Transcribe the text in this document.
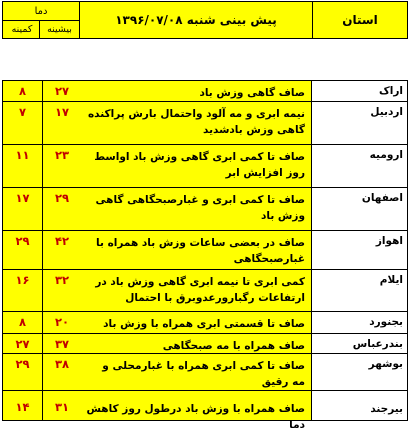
استان
پیش بینی شنبه ۱۳۹۶/۰۷/۰۸
دما
بیشینه
کمینه
اراک
صاف گاهی وزش باد
۲۷
۸
اردبیل
نیمه ابری و مه آلود واحتمال بارش پراکنده گاهی وزش بادشدید
۱۷
۷
ارومیه
صاف تا کمی ابری گاهی وزش باد اواسط روز افزایش ابر
۲۳
۱۱
اصفهان
صاف تا کمی ابری و غبارصبحگاهی گاهی وزش باد
۲۹
۱۷
اهواز
صاف در بعضی ساعات وزش باد همراه با غبارصبحگاهی
۴۲
۲۹
ایلام
کمی ابری تا نیمه ابری گاهی وزش باد در ارتفاعات رگبارورعدوبرق با احتمال
۳۲
۱۶
بجنورد
صاف تا قسمتی ابری همراه با وزش باد
۲۰
۸
بندرعباس
صاف همراه با مه صبحگاهی
۳۷
۲۷
بوشهر
صاف تا کمی ابری همراه با غبارمحلی و مه رقیق
۳۸
۲۹
بیرجند
صاف همراه با وزش باد درطول روز کاهش دما
۳۱
۱۴
